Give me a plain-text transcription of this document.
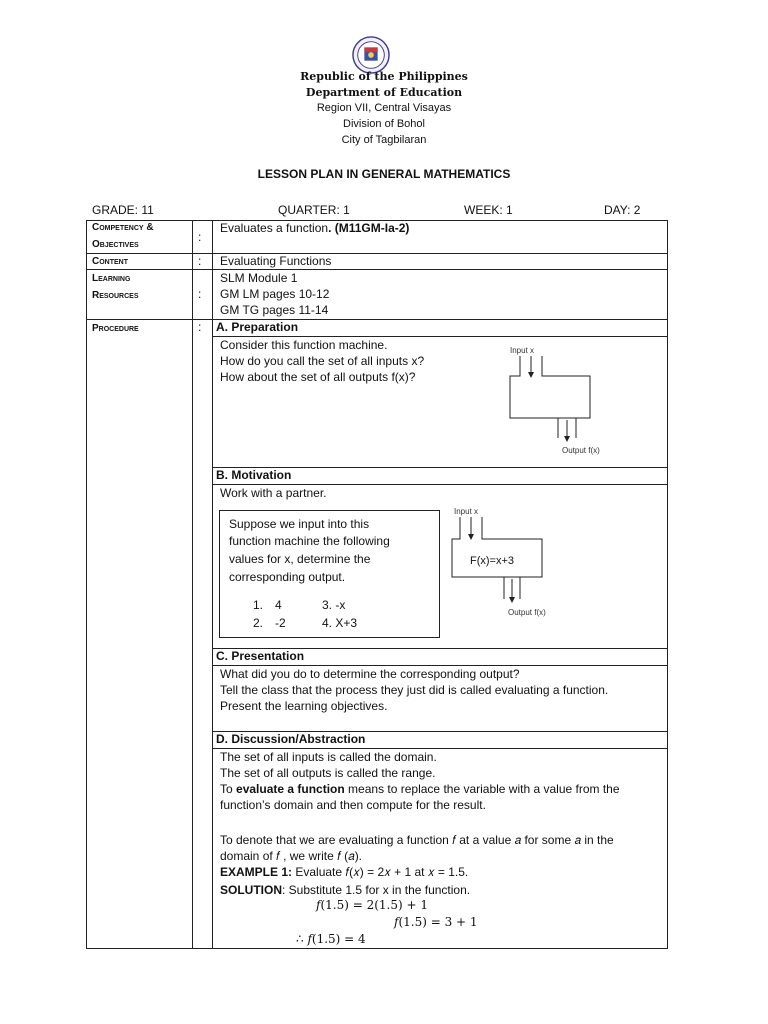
Republic of the Philippines
Department of Education
Region VII, Central Visayas
Division of Bohol
City of Tagbilaran
LESSON PLAN IN GENERAL MATHEMATICS
GRADE: 11	QUARTER: 1	WEEK: 1	DAY: 2
Competency &
Objectives
:
Evaluates a function. (M11GM-Ia-2)
Content	: Evaluating Functions
Learning
Resources	:
SLM Module 1
GM LM pages 10-12
GM TG pages 11-14
Procedure	: A. Preparation
Consider this function machine.
How do you call the set of all inputs x?
How about the set of all outputs f(x)?
Input x
Output f(x)
B. Motivation
Work with a partner.
Suppose we input into this
function machine the following
values for x, determine the
corresponding output.
1. 4	3. -x
2. -2	4. X+3
Input x
F(x)=x+3
Output f(x)
C. Presentation
What did you do to determine the corresponding output?
Tell the class that the process they just did is called evaluating a function.
Present the learning objectives.
D. Discussion/Abstraction
The set of all inputs is called the domain.
The set of all outputs is called the range.
To evaluate a function means to replace the variable with a value from the
function’s domain and then compute for the result.
To denote that we are evaluating a function 𝑓 at a value 𝑎 for some 𝑎 in the
domain of 𝑓 , we write 𝑓 (𝑎).
EXAMPLE 1: Evaluate 𝑓(𝑥) = 2𝑥 + 1 at 𝑥 = 1.5.
SOLUTION: Substitute 1.5 for x in the function.
𝑓(1.5) = 2(1.5) + 1
𝑓(1.5) = 3 + 1
∴ 𝑓(1.5) = 4
